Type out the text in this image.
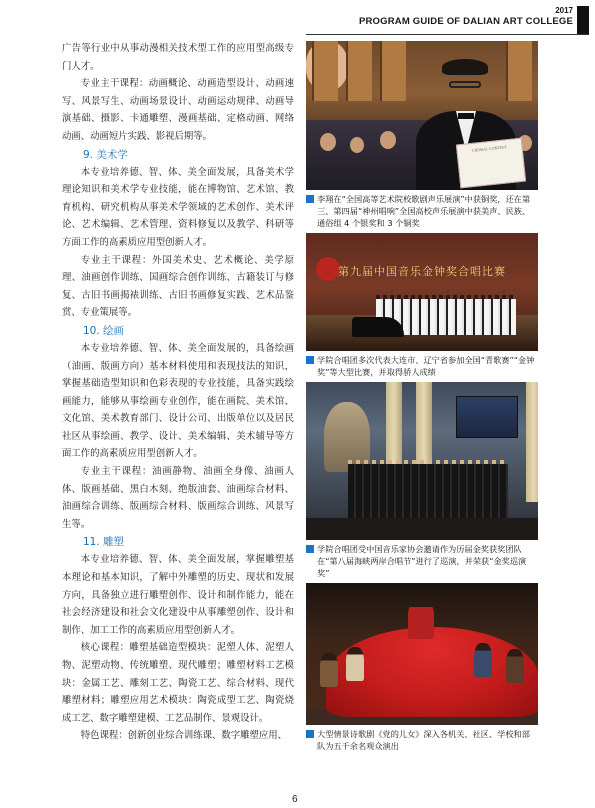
2017
PROGRAM GUIDE OF DALIAN ART COLLEGE

广告等行业中从事动漫相关技术型工作的应用型高级专门人才。

专业主干课程：动画概论、动画造型设计、动画速写、风景写生、动画场景设计、动画运动规律、动画导演基础、摄影、卡通雕塑、漫画基础、定格动画、网络动画、动画短片实践、影视后期等。

9. 美术学

本专业培养德、智、体、美全面发展，具备美术学理论知识和美术学专业技能，能在博物馆、艺术馆、教育机构、研究机构从事美术学领域的艺术创作、美术评论、艺术编辑、艺术管理、资料修复以及教学、科研等方面工作的高素质应用型创新人才。

专业主干课程：外国美术史、艺术概论、美学原理、油画创作训练、国画综合创作训练、古籍装订与修复、古旧书画揭裱训练、古旧书画修复实践、艺术品鉴赏、专业策展等。

10. 绘画

本专业培养德、智、体、美全面发展的，具备绘画（油画、版画方向）基本材料使用和表现技法的知识，掌握基础造型知识和色彩表现的专业技能，具备实践绘画能力，能够从事绘画专业创作，能在画院、美术馆、文化馆、美术教育部门、设计公司、出版单位以及居民社区从事绘画、教学、设计、美术编辑、美术辅导等方面工作的高素质应用型创新人才。

专业主干课程：油画静物、油画全身像、油画人体、版画基础、黑白木刻、绝版油套、油画综合材料、油画综合训练、版画综合材料、版画综合训练、风景写生等。

11. 雕塑

本专业培养德、智、体、美全面发展，掌握雕塑基本理论和基本知识，了解中外雕塑的历史、现状和发展方向，具备独立进行雕塑创作、设计和制作能力，能在社会经济建设和社会文化建设中从事雕塑创作、设计和制作、加工工作的高素质应用型创新人才。

核心课程：雕塑基础造型模块：泥塑人体、泥塑人物、泥塑动物、传统雕塑、现代雕塑；雕塑材料工艺模块：金属工艺、雕刻工艺、陶瓷工艺、综合材料、现代雕塑材料；雕塑应用艺术模块：陶瓷成型工艺、陶瓷烧成工艺、数字雕塑建模、工艺品制作、景观设计。

特色课程：创新创业综合训练课、数字雕塑应用、

CHORAL CONTEST
李翔在“全国高等艺术院校歌剧声乐展演”中获铜奖，还在第三、第四届“神州唱响”全国高校声乐展演中获美声、民族、通俗组 4 个银奖和 3 个铜奖
第九届中国音乐金钟奖合唱比赛
学院合唱团多次代表大连市、辽宁省参加全国“青歌赛”“金钟奖”等大型比赛，并取得骄人成绩
学院合唱团受中国音乐家协会邀请作为历届金奖获奖团队在“第八届海峡两岸合唱节”进行了巡演，并荣获“金奖巡演奖”
大型情景诗歌剧《党的儿女》深入各机关、社区、学校和部队为五千余名观众演出
6
